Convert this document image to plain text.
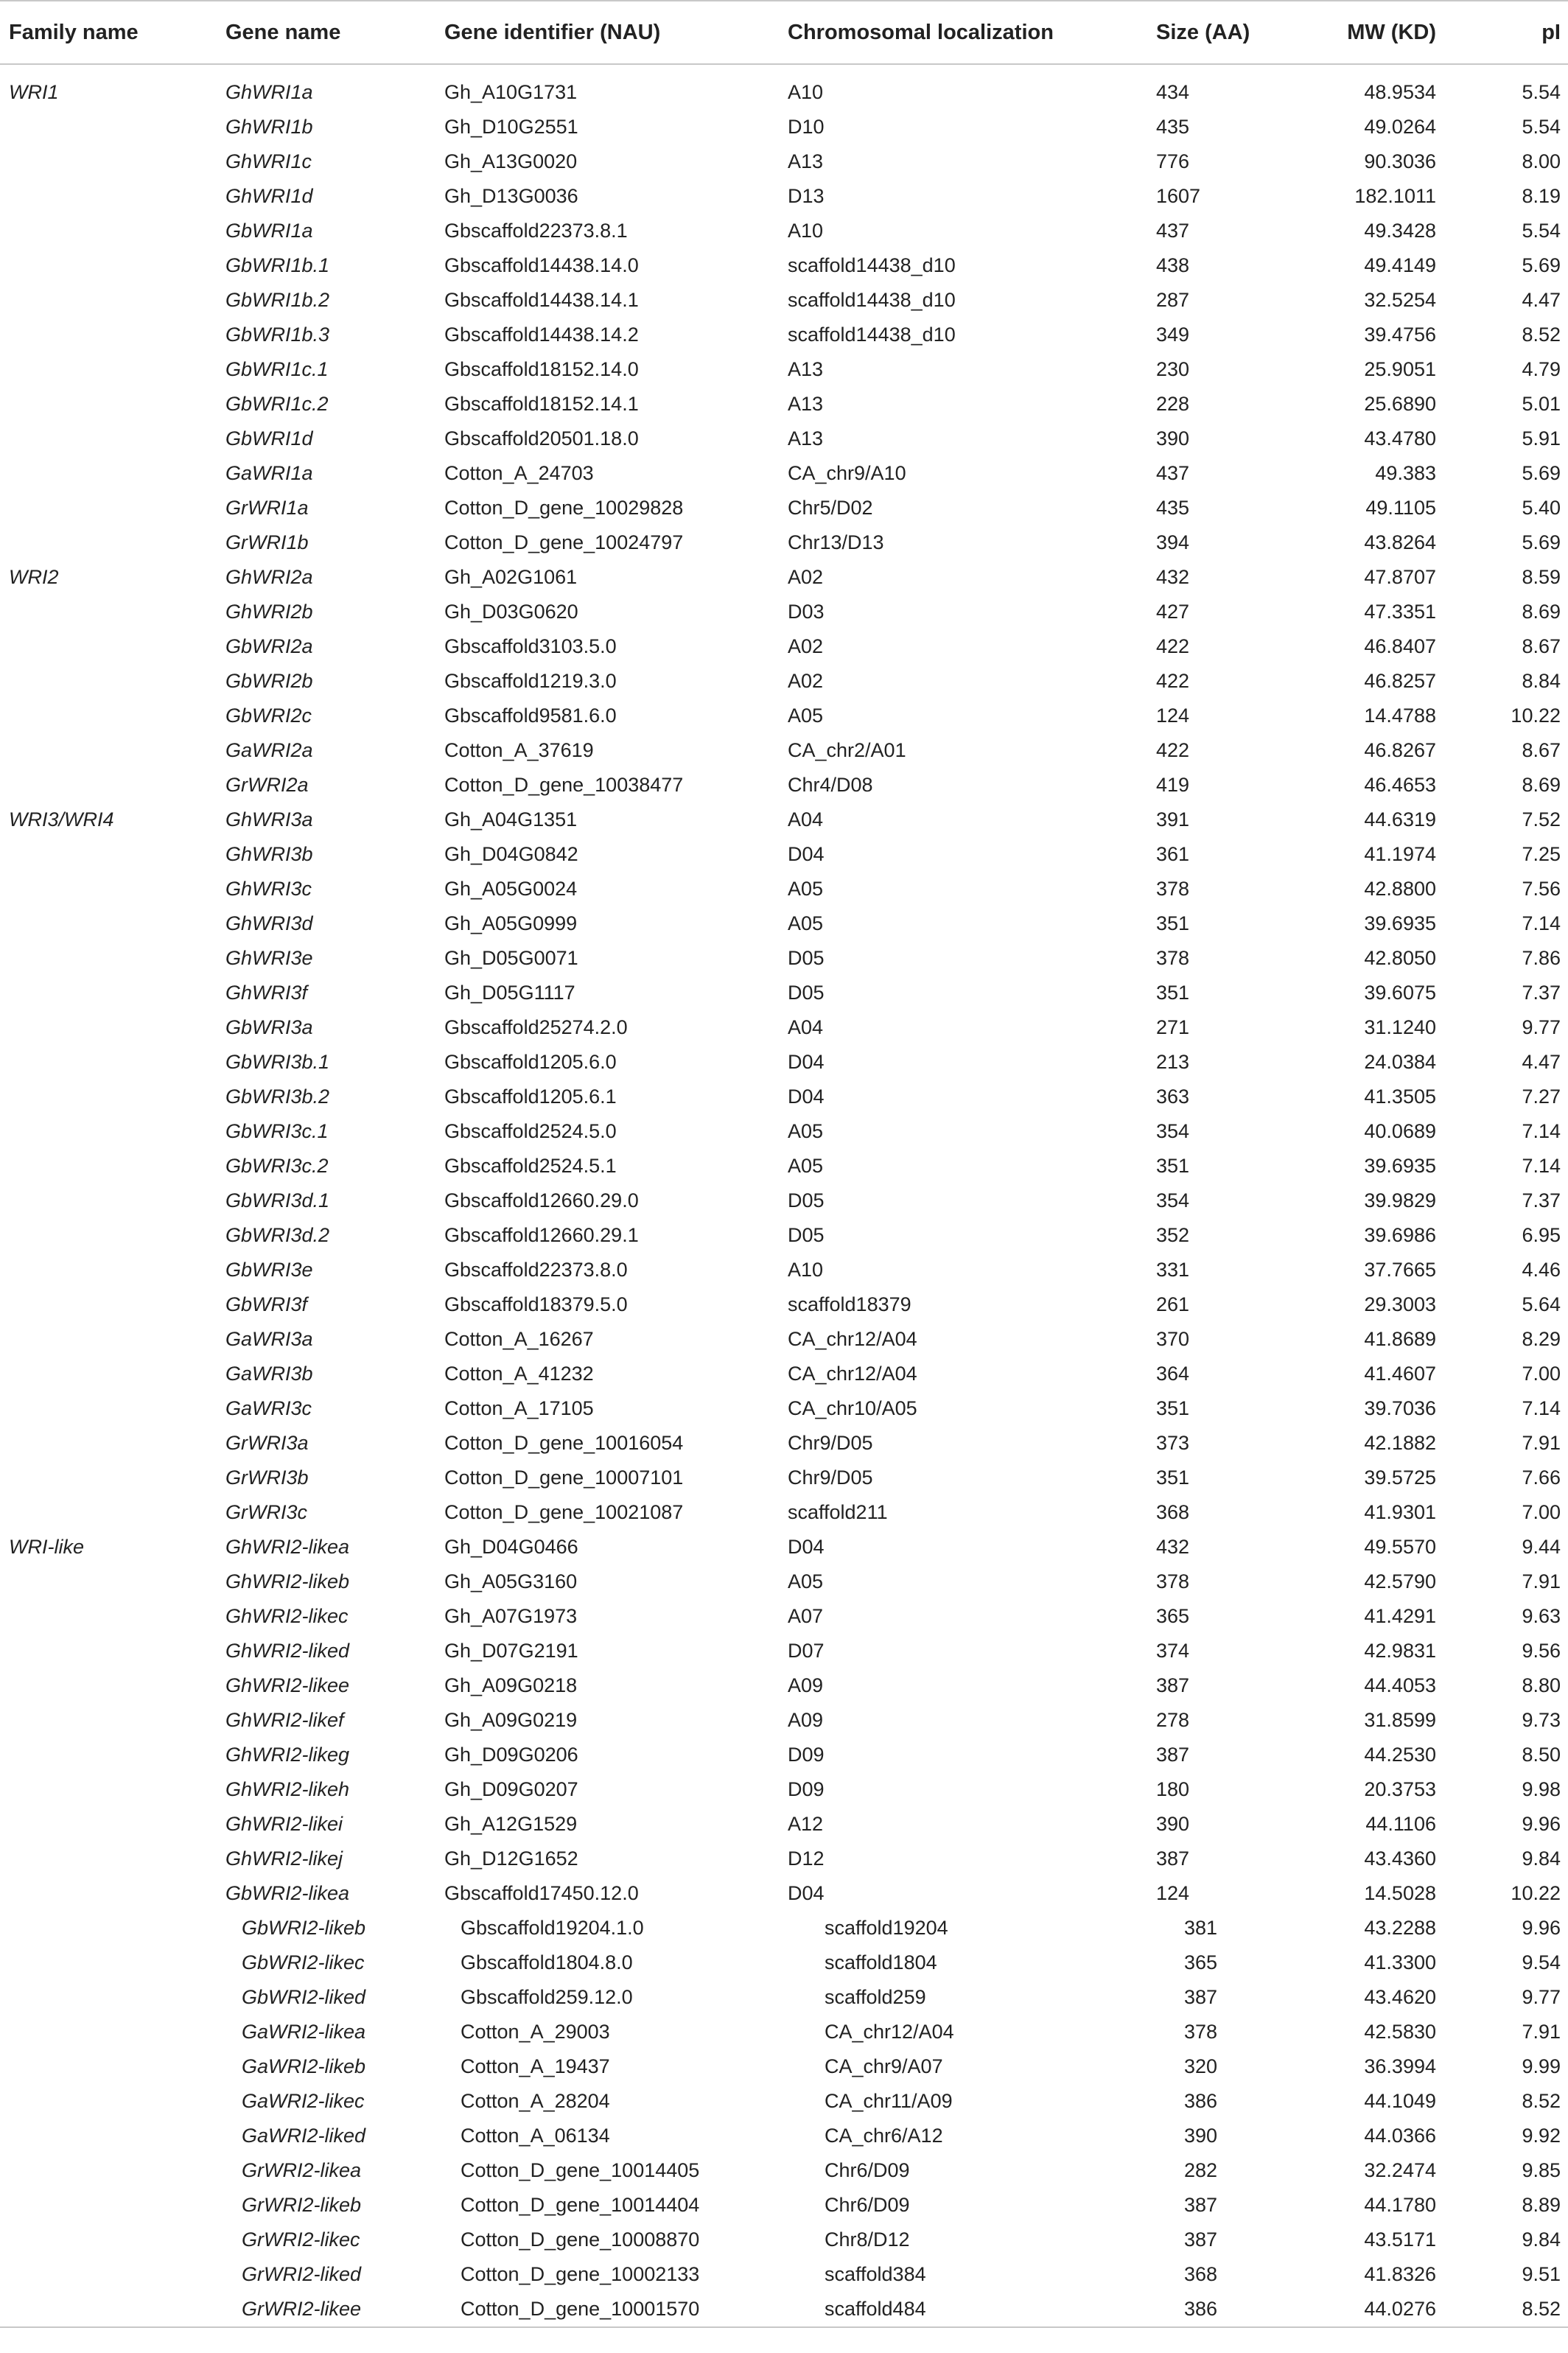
Family name	Gene name	Gene identifier (NAU)	Chromosomal localization	Size (AA)	MW (KD)	pI

WRI1	GhWRI1a	Gh_A10G1731	A10	434	48.9534	5.54
	GhWRI1b	Gh_D10G2551	D10	435	49.0264	5.54
	GhWRI1c	Gh_A13G0020	A13	776	90.3036	8.00
	GhWRI1d	Gh_D13G0036	D13	1607	182.1011	8.19
	GbWRI1a	Gbscaffold22373.8.1	A10	437	49.3428	5.54
	GbWRI1b.1	Gbscaffold14438.14.0	scaffold14438_d10	438	49.4149	5.69
	GbWRI1b.2	Gbscaffold14438.14.1	scaffold14438_d10	287	32.5254	4.47
	GbWRI1b.3	Gbscaffold14438.14.2	scaffold14438_d10	349	39.4756	8.52
	GbWRI1c.1	Gbscaffold18152.14.0	A13	230	25.9051	4.79
	GbWRI1c.2	Gbscaffold18152.14.1	A13	228	25.6890	5.01
	GbWRI1d	Gbscaffold20501.18.0	A13	390	43.4780	5.91
	GaWRI1a	Cotton_A_24703	CA_chr9/A10	437	49.383	5.69
	GrWRI1a	Cotton_D_gene_10029828	Chr5/D02	435	49.1105	5.40
	GrWRI1b	Cotton_D_gene_10024797	Chr13/D13	394	43.8264	5.69
WRI2	GhWRI2a	Gh_A02G1061	A02	432	47.8707	8.59
	GhWRI2b	Gh_D03G0620	D03	427	47.3351	8.69
	GbWRI2a	Gbscaffold3103.5.0	A02	422	46.8407	8.67
	GbWRI2b	Gbscaffold1219.3.0	A02	422	46.8257	8.84
	GbWRI2c	Gbscaffold9581.6.0	A05	124	14.4788	10.22
	GaWRI2a	Cotton_A_37619	CA_chr2/A01	422	46.8267	8.67
	GrWRI2a	Cotton_D_gene_10038477	Chr4/D08	419	46.4653	8.69
WRI3/WRI4	GhWRI3a	Gh_A04G1351	A04	391	44.6319	7.52
	GhWRI3b	Gh_D04G0842	D04	361	41.1974	7.25
	GhWRI3c	Gh_A05G0024	A05	378	42.8800	7.56
	GhWRI3d	Gh_A05G0999	A05	351	39.6935	7.14
	GhWRI3e	Gh_D05G0071	D05	378	42.8050	7.86
	GhWRI3f	Gh_D05G1117	D05	351	39.6075	7.37
	GbWRI3a	Gbscaffold25274.2.0	A04	271	31.1240	9.77
	GbWRI3b.1	Gbscaffold1205.6.0	D04	213	24.0384	4.47
	GbWRI3b.2	Gbscaffold1205.6.1	D04	363	41.3505	7.27
	GbWRI3c.1	Gbscaffold2524.5.0	A05	354	40.0689	7.14
	GbWRI3c.2	Gbscaffold2524.5.1	A05	351	39.6935	7.14
	GbWRI3d.1	Gbscaffold12660.29.0	D05	354	39.9829	7.37
	GbWRI3d.2	Gbscaffold12660.29.1	D05	352	39.6986	6.95
	GbWRI3e	Gbscaffold22373.8.0	A10	331	37.7665	4.46
	GbWRI3f	Gbscaffold18379.5.0	scaffold18379	261	29.3003	5.64
	GaWRI3a	Cotton_A_16267	CA_chr12/A04	370	41.8689	8.29
	GaWRI3b	Cotton_A_41232	CA_chr12/A04	364	41.4607	7.00
	GaWRI3c	Cotton_A_17105	CA_chr10/A05	351	39.7036	7.14
	GrWRI3a	Cotton_D_gene_10016054	Chr9/D05	373	42.1882	7.91
	GrWRI3b	Cotton_D_gene_10007101	Chr9/D05	351	39.5725	7.66
	GrWRI3c	Cotton_D_gene_10021087	scaffold211	368	41.9301	7.00
WRI-like	GhWRI2-likea	Gh_D04G0466	D04	432	49.5570	9.44
	GhWRI2-likeb	Gh_A05G3160	A05	378	42.5790	7.91
	GhWRI2-likec	Gh_A07G1973	A07	365	41.4291	9.63
	GhWRI2-liked	Gh_D07G2191	D07	374	42.9831	9.56
	GhWRI2-likee	Gh_A09G0218	A09	387	44.4053	8.80
	GhWRI2-likef	Gh_A09G0219	A09	278	31.8599	9.73
	GhWRI2-likeg	Gh_D09G0206	D09	387	44.2530	8.50
	GhWRI2-likeh	Gh_D09G0207	D09	180	20.3753	9.98
	GhWRI2-likei	Gh_A12G1529	A12	390	44.1106	9.96
	GhWRI2-likej	Gh_D12G1652	D12	387	43.4360	9.84
	GbWRI2-likea	Gbscaffold17450.12.0	D04	124	14.5028	10.22
	GbWRI2-likeb	Gbscaffold19204.1.0	scaffold19204	381	43.2288	9.96
	GbWRI2-likec	Gbscaffold1804.8.0	scaffold1804	365	41.3300	9.54
	GbWRI2-liked	Gbscaffold259.12.0	scaffold259	387	43.4620	9.77
	GaWRI2-likea	Cotton_A_29003	CA_chr12/A04	378	42.5830	7.91
	GaWRI2-likeb	Cotton_A_19437	CA_chr9/A07	320	36.3994	9.99
	GaWRI2-likec	Cotton_A_28204	CA_chr11/A09	386	44.1049	8.52
	GaWRI2-liked	Cotton_A_06134	CA_chr6/A12	390	44.0366	9.92
	GrWRI2-likea	Cotton_D_gene_10014405	Chr6/D09	282	32.2474	9.85
	GrWRI2-likeb	Cotton_D_gene_10014404	Chr6/D09	387	44.1780	8.89
	GrWRI2-likec	Cotton_D_gene_10008870	Chr8/D12	387	43.5171	9.84
	GrWRI2-liked	Cotton_D_gene_10002133	scaffold384	368	41.8326	9.51
	GrWRI2-likee	Cotton_D_gene_10001570	scaffold484	386	44.0276	8.52
